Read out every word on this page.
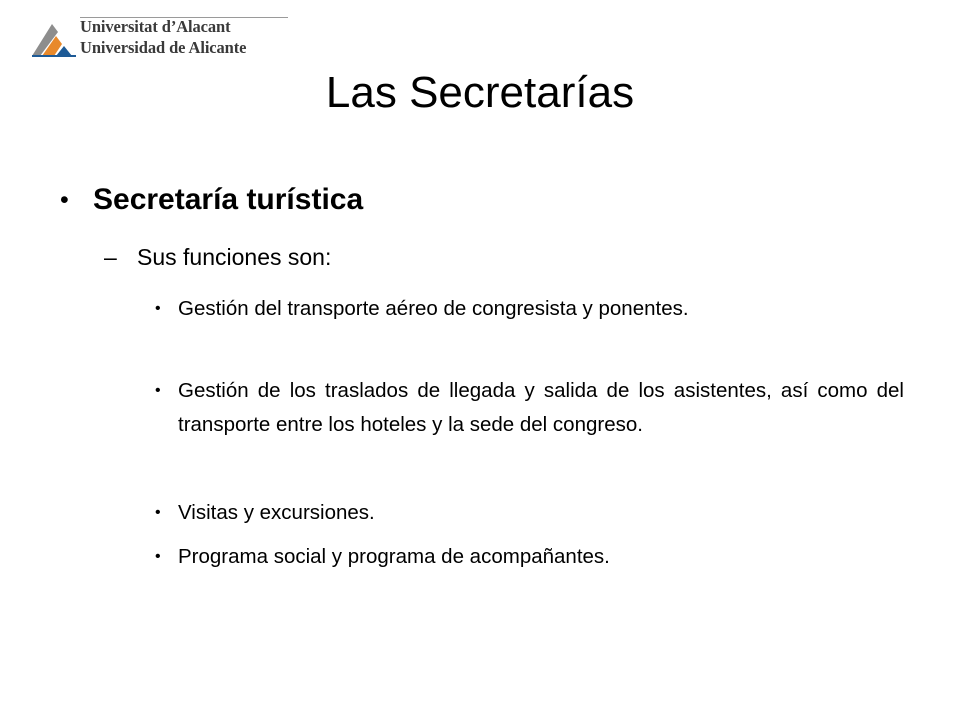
Universitat d’Alacant
Universidad de Alicante
Las Secretarías
• Secretaría turística
– Sus funciones son:
• Gestión del transporte aéreo de congresista y ponentes.
• Gestión de los traslados de llegada y salida de los asistentes, así como del transporte entre los hoteles y la sede del congreso.
• Visitas y excursiones.
• Programa social y programa de acompañantes.
